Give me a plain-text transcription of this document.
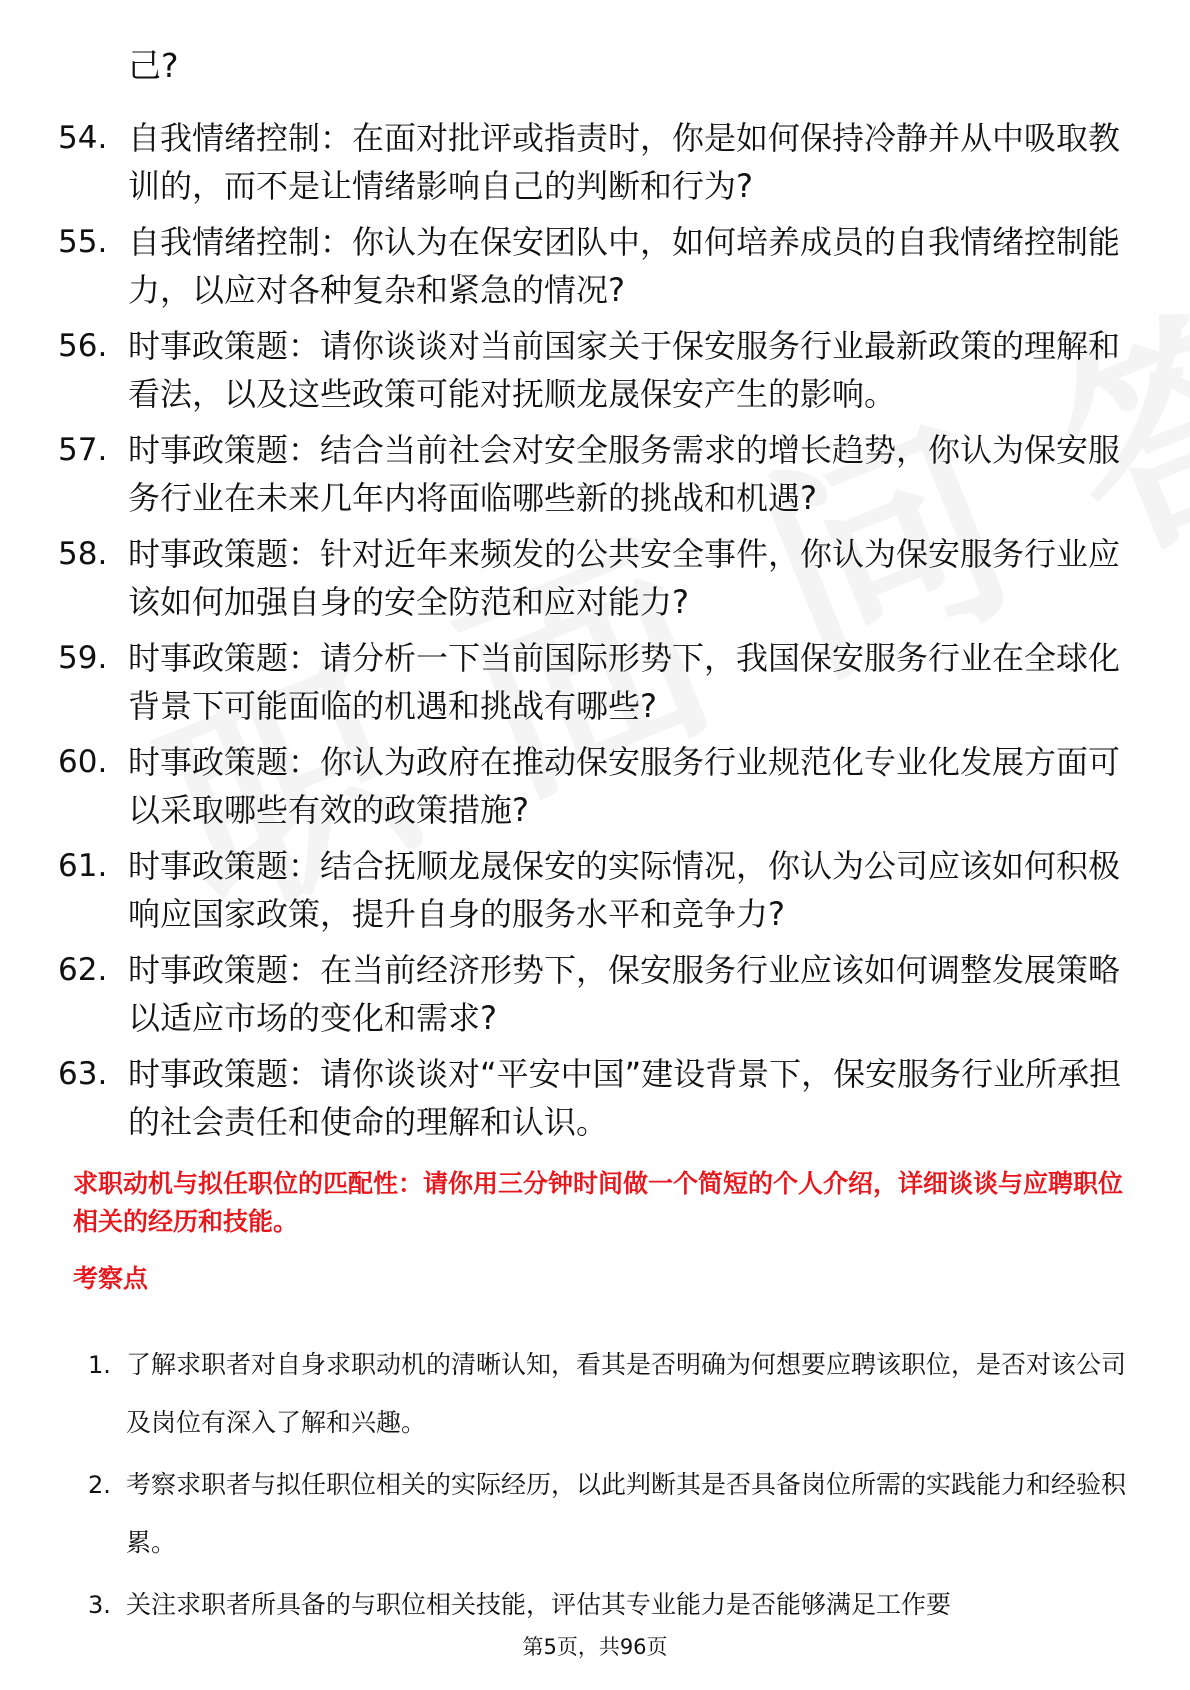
己?
54. 自我情绪控制：在面对批评或指责时，你是如何保持冷静并从中吸取教训的，而不是让情绪影响自己的判断和行为?
55. 自我情绪控制：你认为在保安团队中，如何培养成员的自我情绪控制能力，以应对各种复杂和紧急的情况?
56. 时事政策题：请你谈谈对当前国家关于保安服务行业最新政策的理解和看法，以及这些政策可能对抚顺龙晟保安产生的影响。
57. 时事政策题：结合当前社会对安全服务需求的增长趋势，你认为保安服务行业在未来几年内将面临哪些新的挑战和机遇?
58. 时事政策题：针对近年来频发的公共安全事件，你认为保安服务行业应该如何加强自身的安全防范和应对能力?
59. 时事政策题：请分析一下当前国际形势下，我国保安服务行业在全球化背景下可能面临的机遇和挑战有哪些?
60. 时事政策题：你认为政府在推动保安服务行业规范化专业化发展方面可以采取哪些有效的政策措施?
61. 时事政策题：结合抚顺龙晟保安的实际情况，你认为公司应该如何积极响应国家政策，提升自身的服务水平和竞争力?
62. 时事政策题：在当前经济形势下，保安服务行业应该如何调整发展策略以适应市场的变化和需求?
63. 时事政策题：请你谈谈对“平安中国”建设背景下，保安服务行业所承担的社会责任和使命的理解和认识。
求职动机与拟任职位的匹配性：请你用三分钟时间做一个简短的个人介绍，详细谈谈与应聘职位相关的经历和技能。
考察点
1. 了解求职者对自身求职动机的清晰认知，看其是否明确为何想要应聘该职位，是否对该公司及岗位有深入了解和兴趣。
2. 考察求职者与拟任职位相关的实际经历，以此判断其是否具备岗位所需的实践能力和经验积累。
3. 关注求职者所具备的与职位相关技能，评估其专业能力是否能够满足工作要
第5页，共96页
